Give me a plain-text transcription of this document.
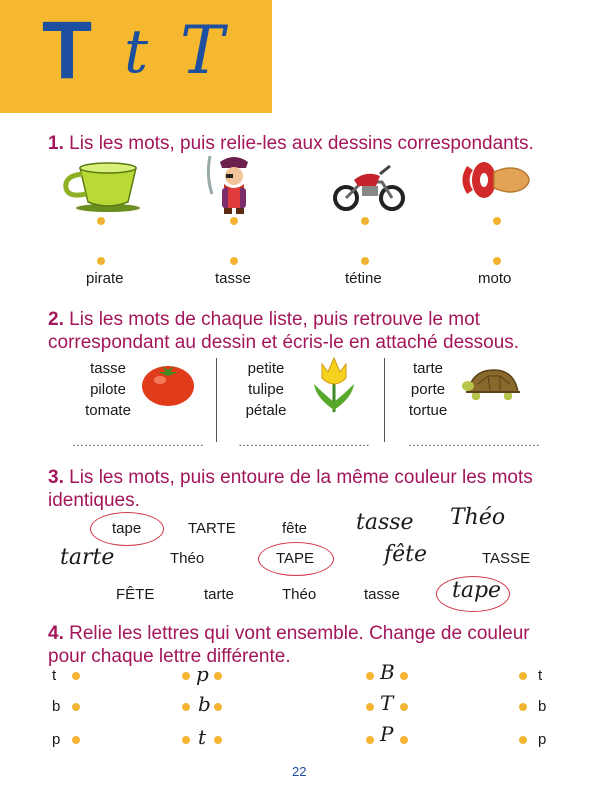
T t T
1. Lis les mots, puis relie-les aux dessins correspondants.
pirate	tasse	tétine	moto
2. Lis les mots de chaque liste, puis retrouve le mot
correspondant au dessin et écris-le en attaché dessous.
tasse
pilote
tomate
……………………………
petite
tulipe
pétale
……………………………
tarte
porte
tortue
……………………………
3. Lis les mots, puis entoure de la même couleur les mots
identiques.
tape	TARTE	fête tasse Théo
tarte	Théo	TAPE	fête	TASSE
FÊTE	tarte	Théo	tasse tape
4. Relie les lettres qui vont ensemble. Change de couleur
pour chaque lettre différente.
t
b
p
p
b
t
B
T
P
t
b
p
22
